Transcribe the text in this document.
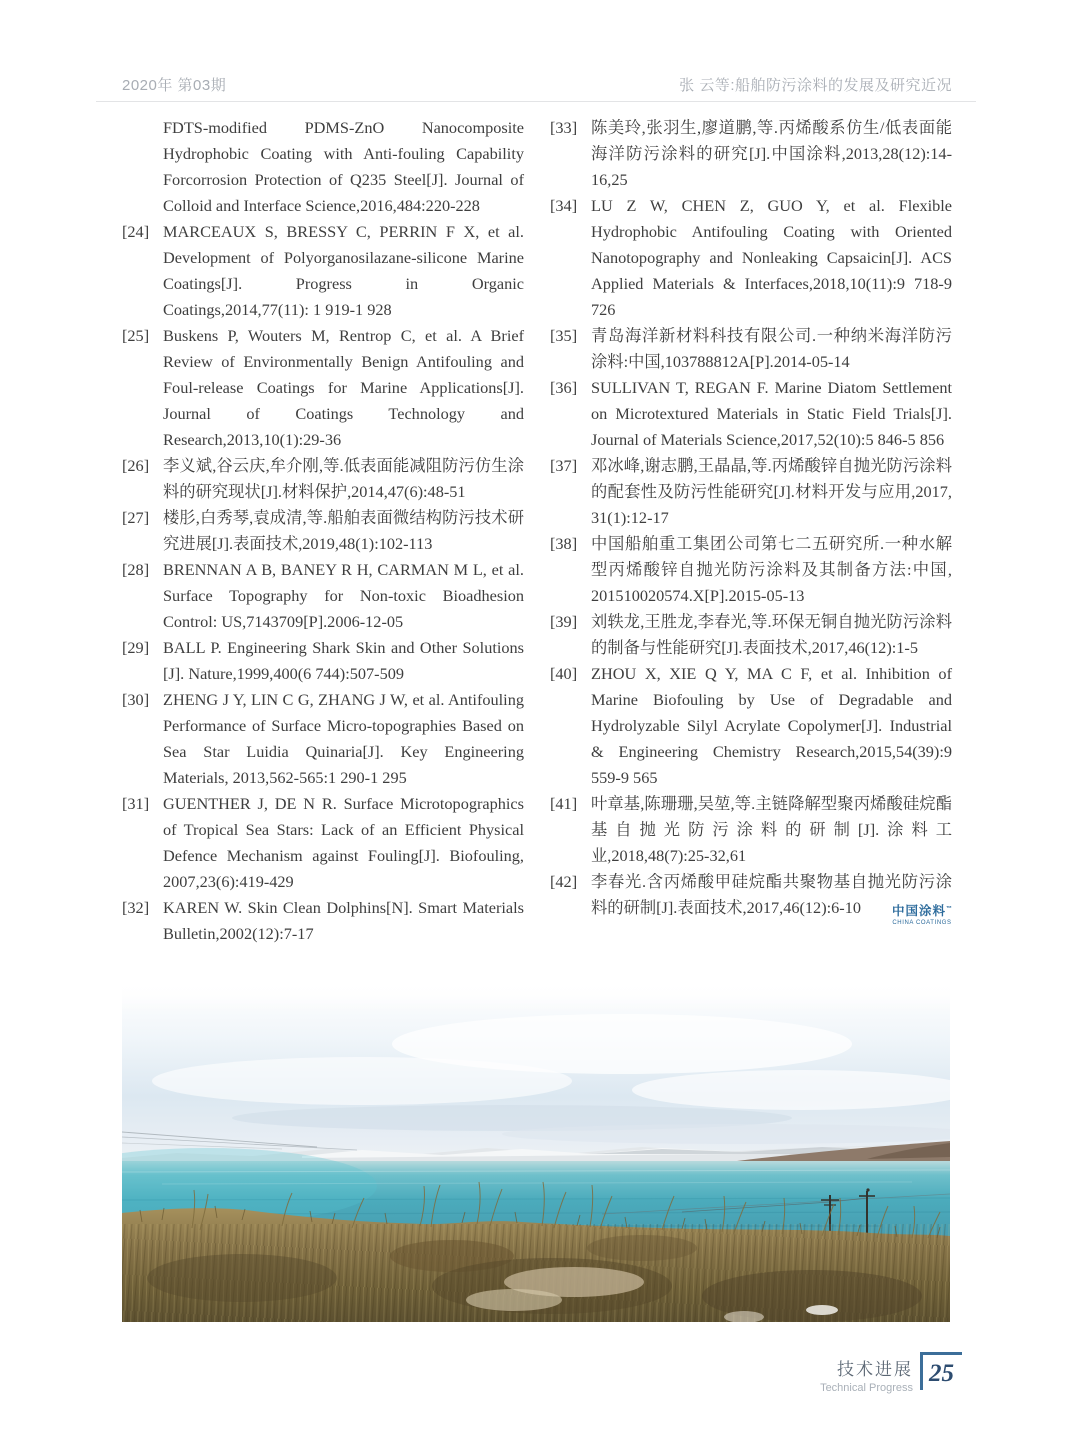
2020年 第03期	张 云等:船舶防污涂料的发展及研究近况
FDTS-modified PDMS-ZnO Nanocomposite Hydrophobic Coating with Anti-fouling Capability Forcorrosion Protection of Q235 Steel[J]. Journal of Colloid and Interface Science,2016,484:220-228
[24] MARCEAUX S, BRESSY C, PERRIN F X, et al. Development of Polyorganosilazane-silicone Marine Coatings[J]. Progress in Organic Coatings,2014,77(11): 1 919-1 928
[25] Buskens P, Wouters M, Rentrop C, et al. A Brief Review of Environmentally Benign Antifouling and Foul-release Coatings for Marine Applications[J]. Journal of Coatings Technology and Research,2013,10(1):29-36
[26] 李义斌,谷云庆,牟介刚,等.低表面能减阻防污仿生涂料的研究现状[J].材料保护,2014,47(6):48-51
[27] 楼肜,白秀琴,袁成清,等.船舶表面微结构防污技术研究进展[J].表面技术,2019,48(1):102-113
[28] BRENNAN A B, BANEY R H, CARMAN M L, et al. Surface Topography for Non-toxic Bioadhesion Control: US,7143709[P].2006-12-05
[29] BALL P. Engineering Shark Skin and Other Solutions [J]. Nature,1999,400(6 744):507-509
[30] ZHENG J Y, LIN C G, ZHANG J W, et al. Antifouling Performance of Surface Micro-topographies Based on Sea Star Luidia Quinaria[J]. Key Engineering Materials, 2013,562-565:1 290-1 295
[31] GUENTHER J, DE N R. Surface Microtopographics of Tropical Sea Stars: Lack of an Efficient Physical Defence Mechanism against Fouling[J]. Biofouling, 2007,23(6):419-429
[32] KAREN W. Skin Clean Dolphins[N]. Smart Materials Bulletin,2002(12):7-17
[33] 陈美玲,张羽生,廖道鹏,等.丙烯酸系仿生/低表面能海洋防污涂料的研究[J].中国涂料,2013,28(12):14-16,25
[34] LU Z W, CHEN Z, GUO Y, et al. Flexible Hydrophobic Antifouling Coating with Oriented Nanotopography and Nonleaking Capsaicin[J]. ACS Applied Materials & Interfaces,2018,10(11):9 718-9 726
[35] 青岛海洋新材料科技有限公司.一种纳米海洋防污涂料:中国,103788812A[P].2014-05-14
[36] SULLIVAN T, REGAN F. Marine Diatom Settlement on Microtextured Materials in Static Field Trials[J]. Journal of Materials Science,2017,52(10):5 846-5 856
[37] 邓冰峰,谢志鹏,王晶晶,等.丙烯酸锌自抛光防污涂料的配套性及防污性能研究[J].材料开发与应用,2017, 31(1):12-17
[38] 中国船舶重工集团公司第七二五研究所.一种水解型丙烯酸锌自抛光防污涂料及其制备方法:中国, 201510020574.X[P].2015-05-13
[39] 刘轶龙,王胜龙,李春光,等.环保无铜自抛光防污涂料的制备与性能研究[J].表面技术,2017,46(12):1-5
[40] ZHOU X, XIE Q Y, MA C F, et al. Inhibition of Marine Biofouling by Use of Degradable and Hydrolyzable Silyl Acrylate Copolymer[J]. Industrial & Engineering Chemistry Research,2015,54(39):9 559-9 565
[41] 叶章基,陈珊珊,吴堃,等.主链降解型聚丙烯酸硅烷酯基自抛光防污涂料的研制[J].涂料工业,2018,48(7):25-32,61
[42] 李春光.含丙烯酸甲硅烷酯共聚物基自抛光防污涂料的研制[J].表面技术,2017,46(12):6-10	中国涂料™
CHINA COATINGS
技术进展
Technical Progress
25
